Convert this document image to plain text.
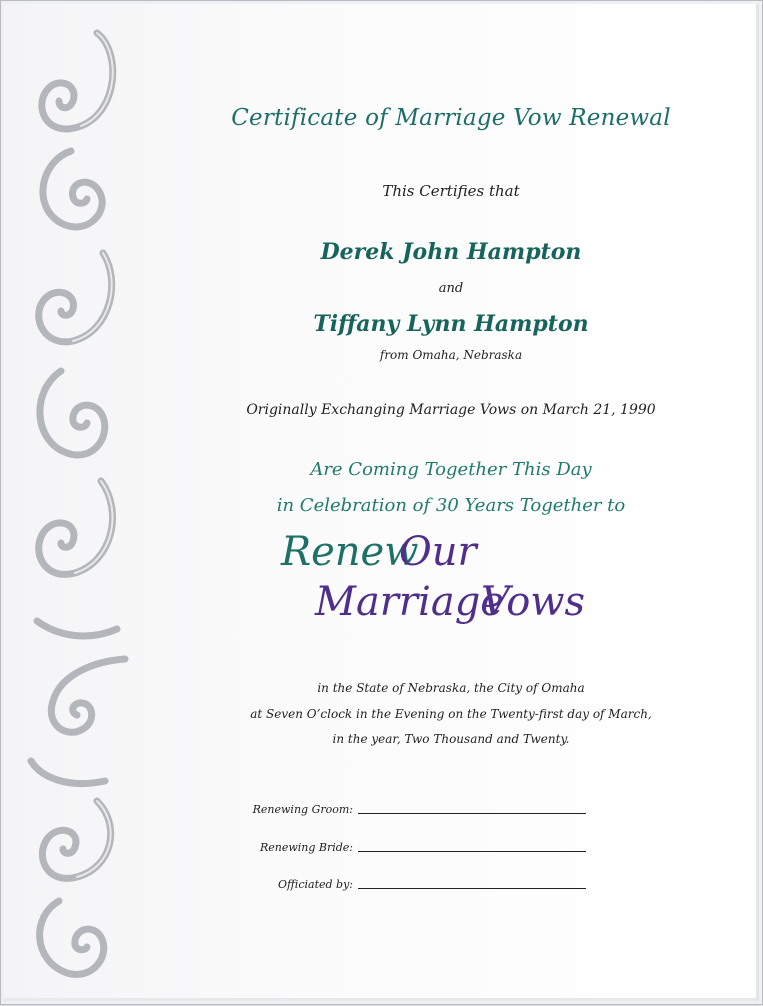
Certificate of Marriage Vow Renewal
This Certifies that
Derek John Hampton
and
Tiffany Lynn Hampton
from Omaha, Nebraska
Originally Exchanging Marriage Vows on March 21, 1990
Are Coming Together This Day
in Celebration of 30 Years Together to
Renew
Our
Marriage
Vows
in the State of Nebraska, the City of Omaha
at Seven O’clock in the Evening on the Twenty-first day of March,
in the year, Two Thousand and Twenty.
Renewing Groom:
Renewing Bride:
Officiated by:
